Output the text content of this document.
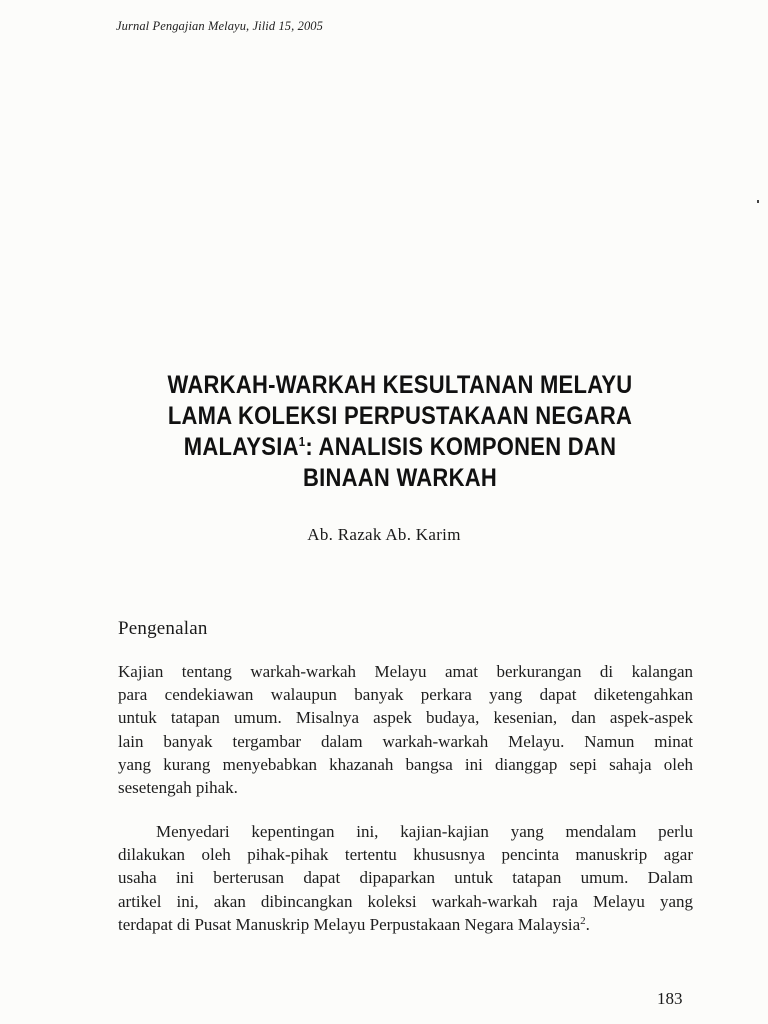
Jurnal Pengajian Melayu, Jilid 15, 2005
WARKAH-WARKAH KESULTANAN MELAYU
LAMA KOLEKSI PERPUSTAKAAN NEGARA
MALAYSIA$^1$: ANALISIS KOMPONEN DAN
BINAAN WARKAH
Ab. Razak Ab. Karim
Pengenalan
Kajian tentang warkah-warkah Melayu amat berkurangan di kalangan
para cendekiawan walaupun banyak perkara yang dapat diketengahkan
untuk tatapan umum. Misalnya aspek budaya, kesenian, dan aspek-aspek
lain banyak tergambar dalam warkah-warkah Melayu. Namun minat
yang kurang menyebabkan khazanah bangsa ini dianggap sepi sahaja oleh
sesetengah pihak.
Menyedari kepentingan ini, kajian-kajian yang mendalam perlu
dilakukan oleh pihak-pihak tertentu khususnya pencinta manuskrip agar
usaha ini berterusan dapat dipaparkan untuk tatapan umum. Dalam
artikel ini, akan dibincangkan koleksi warkah-warkah raja Melayu yang
terdapat di Pusat Manuskrip Melayu Perpustakaan Negara Malaysia$^2$.
183
